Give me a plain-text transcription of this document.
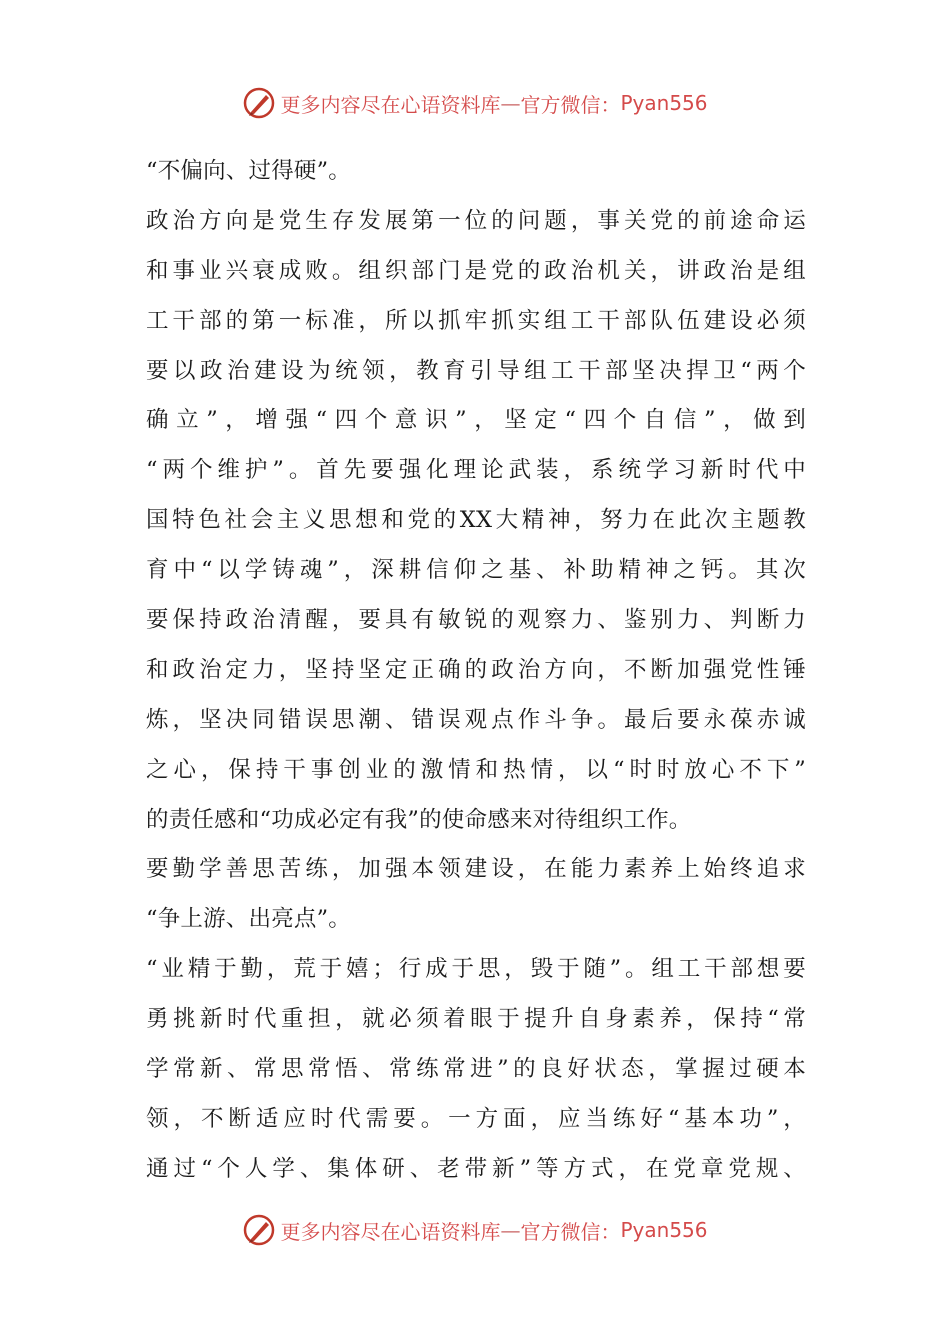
更多内容尽在心语资料库 — 官方微信： Pyan556
“不偏向、过得硬”。
政治方向是党生存发展第一位的问题，事关党的前途命运
和事业兴衰成败。组织部门是党的政治机关，讲政治是组
工干部的第一标准，所以抓牢抓实组工干部队伍建设必须
要以政治建设为统领，教育引导组工干部坚决捍卫“两个
确立”，增强“四个意识”，坚定“四个自信”，做到
“两个维护”。首先要强化理论武装，系统学习新时代中
国特色社会主义思想和党的XX大精神，努力在此次主题教
育中“以学铸魂”，深耕信仰之基、补助精神之钙。其次
要保持政治清醒，要具有敏锐的观察力、鉴别力、判断力
和政治定力，坚持坚定正确的政治方向，不断加强党性锤
炼，坚决同错误思潮、错误观点作斗争。最后要永葆赤诚
之心，保持干事创业的激情和热情，以“时时放心不下”
的责任感和“功成必定有我”的使命感来对待组织工作。
要勤学善思苦练，加强本领建设，在能力素养上始终追求
“争上游、出亮点”。
“业精于勤，荒于嬉；行成于思，毁于随”。组工干部想要
勇挑新时代重担，就必须着眼于提升自身素养，保持“常
学常新、常思常悟、常练常进”的良好状态，掌握过硬本
领，不断适应时代需要。一方面，应当练好“基本功”，
通过“个人学、集体研、老带新”等方式，在党章党规、
更多内容尽在心语资料库 — 官方微信： Pyan556
